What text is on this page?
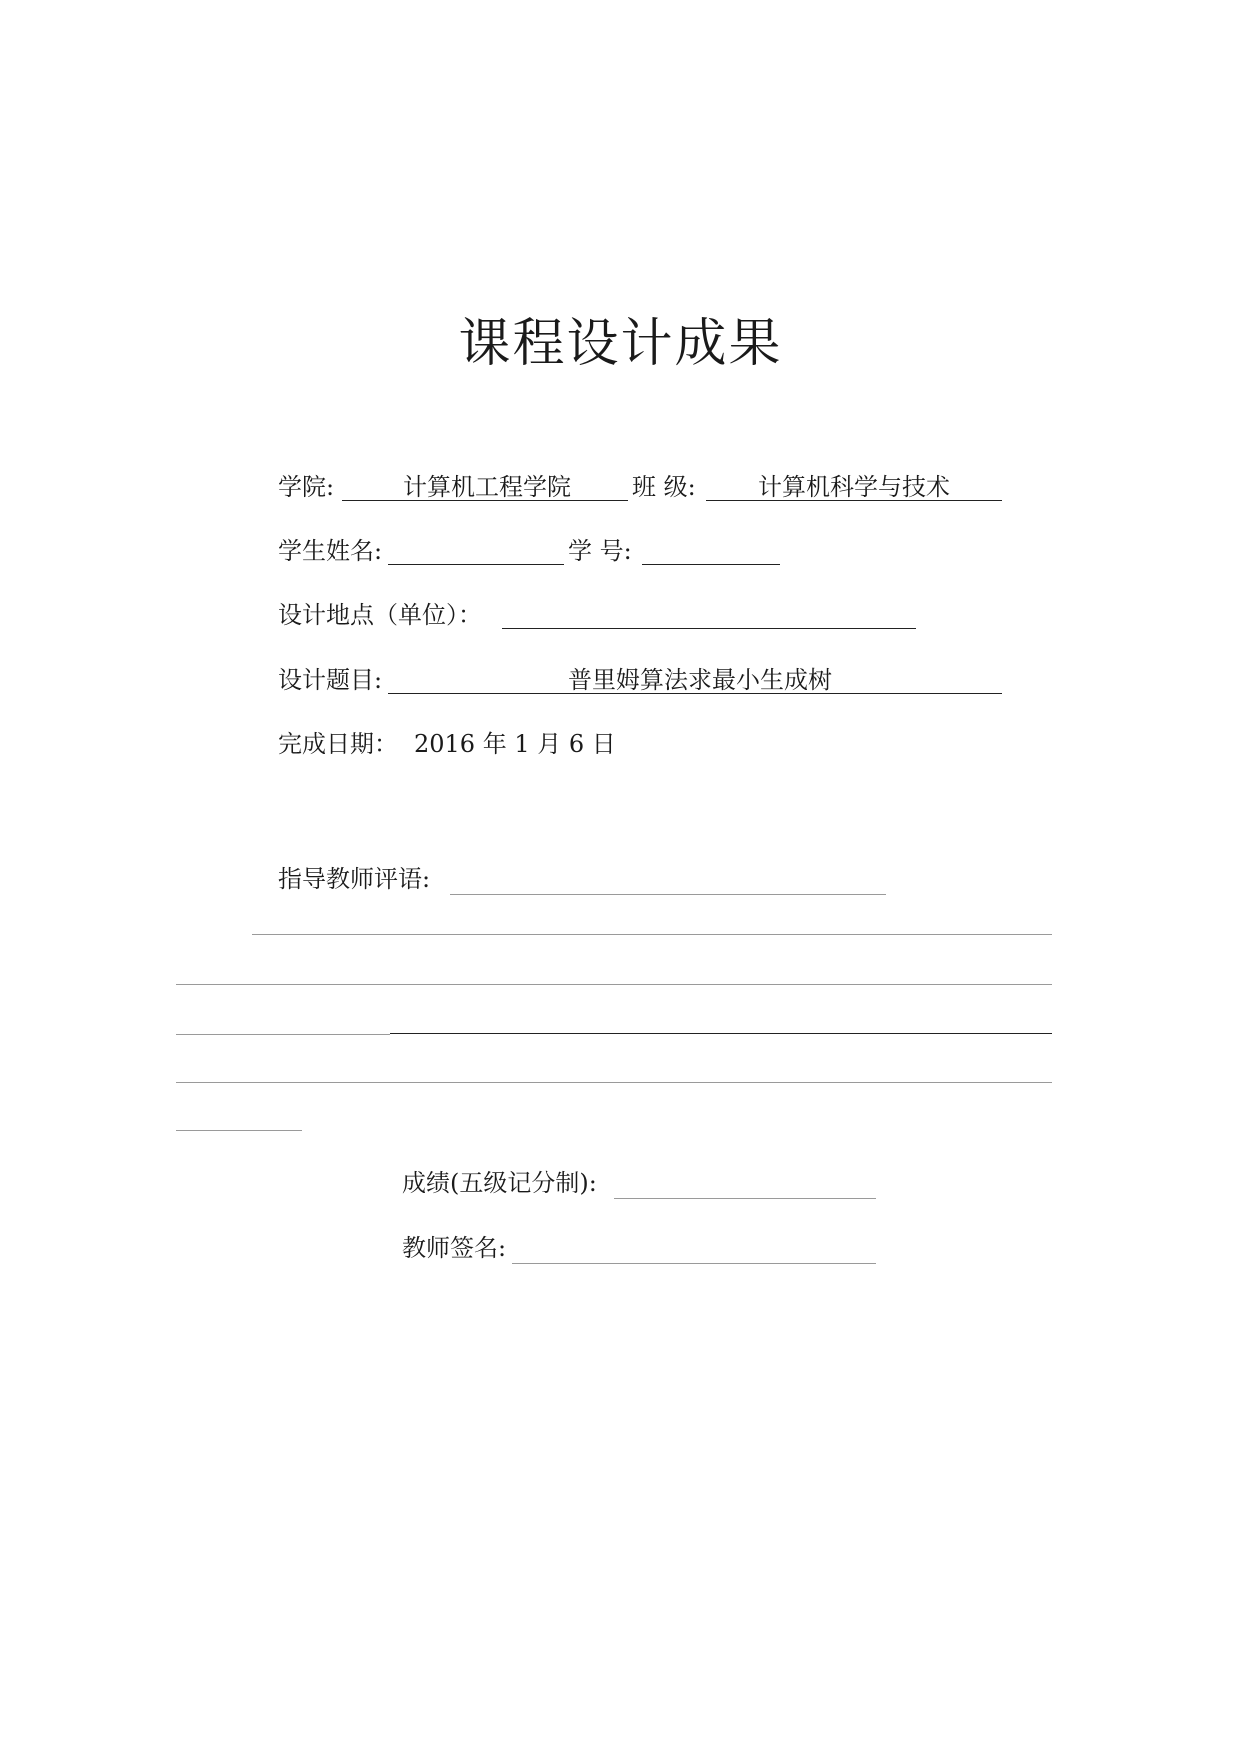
课程设计成果
学院:	计算机工程学院	班 级:	计算机科学与技术
学生姓名:	学 号:
设计地点（单位）：
设计题目:	普里姆算法求最小生成树
完成日期： 2016 年 1 月 6 日
指导教师评语:
成绩(五级记分制):
教师签名:
